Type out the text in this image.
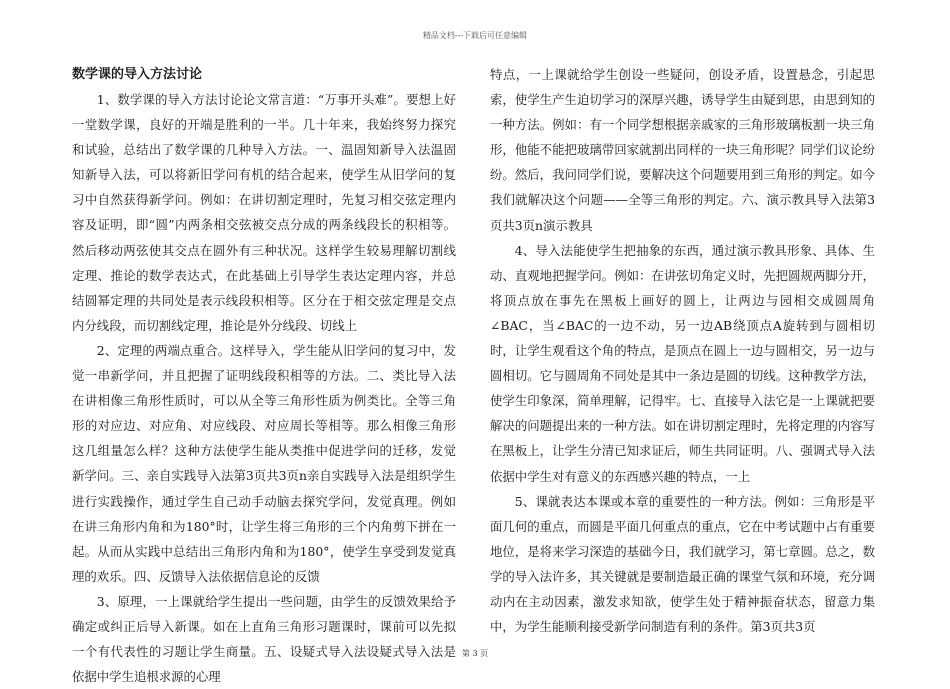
精品文档---下载后可任意编辑
数学课的导入方法讨论

1、数学课的导入方法讨论论文常言道：“万事开头难”。要想上好一堂数学课，良好的开端是胜利的一半。几十年来，我始终努力探究和试验，总结出了数学课的几种导入方法。一、温固知新导入法温固知新导入法，可以将新旧学问有机的结合起来，使学生从旧学问的复习中自然获得新学问。例如：在讲切割定理时，先复习相交弦定理内容及证明，即“圆”内两条相交弦被交点分成的两条线段长的积相等。然后移动两弦使其交点在圆外有三种状况。这样学生较易理解切割线定理、推论的数学表达式，在此基础上引导学生表达定理内容，并总结圆幂定理的共同处是表示线段积相等。区分在于相交弦定理是交点内分线段，而切割线定理，推论是外分线段、切线上

2、定理的两端点重合。这样导入，学生能从旧学问的复习中，发觉一串新学问，并且把握了证明线段积相等的方法。二、类比导入法在讲相像三角形性质时，可以从全等三角形性质为例类比。全等三角形的对应边、对应角、对应线段、对应周长等相等。那么相像三角形这几组量怎么样？这种方法使学生能从类推中促进学问的迁移，发觉新学问。三、亲自实践导入法第3页共3页n亲自实践导入法是组织学生进行实践操作，通过学生自己动手动脑去探究学问，发觉真理。例如在讲三角形内角和为180°时，让学生将三角形的三个内角剪下拼在一起。从而从实践中总结出三角形内角和为180°，使学生享受到发觉真理的欢乐。四、反馈导入法依据信息论的反馈

3、原理，一上课就给学生提出一些问题，由学生的反馈效果给予确定或纠正后导入新课。如在上直角三角形习题课时，课前可以先拟一个有代表性的习题让学生商量。五、设疑式导入法设疑式导入法是依据中学生追根求源的心理

特点，一上课就给学生创设一些疑问，创设矛盾，设置悬念，引起思索，使学生产生迫切学习的深厚兴趣，诱导学生由疑到思，由思到知的一种方法。例如：有一个同学想根据亲戚家的三角形玻璃板割一块三角形，他能不能把玻璃带回家就割出同样的一块三角形呢？同学们议论纷纷。然后，我问同学们说，要解决这个问题要用到三角形的判定。如今我们就解决这个问题——全等三角形的判定。六、演示教具导入法第3页共3页n演示教具

4、导入法能使学生把抽象的东西，通过演示教具形象、具体、生动、直观地把握学问。例如：在讲弦切角定义时，先把圆规两脚分开，将顶点放在事先在黑板上画好的圆上，让两边与园相交成圆周角∠BAC，当∠BAC的一边不动，另一边AB绕顶点A旋转到与圆相切时，让学生观看这个角的特点，是顶点在圆上一边与圆相交，另一边与圆相切。它与圆周角不同处是其中一条边是圆的切线。这种教学方法，使学生印象深，简单理解，记得牢。七、直接导入法它是一上课就把要解决的问题提出来的一种方法。如在讲切割定理时，先将定理的内容写在黑板上，让学生分清已知求证后，师生共同证明。八、强调式导入法依据中学生对有意义的东西感兴趣的特点，一上

5、课就表达本课或本章的重要性的一种方法。例如：三角形是平面几何的重点，而圆是平面几何重点的重点，它在中考试题中占有重要地位，是将来学习深造的基础今日，我们就学习，第七章圆。总之，数学的导入法许多，其关键就是要制造最正确的课堂气氛和环境，充分调动内在主动因素，激发求知欲，使学生处于精神振奋状态，留意力集中，为学生能顺利接受新学问制造有利的条件。第3页共3页

第 3 页
